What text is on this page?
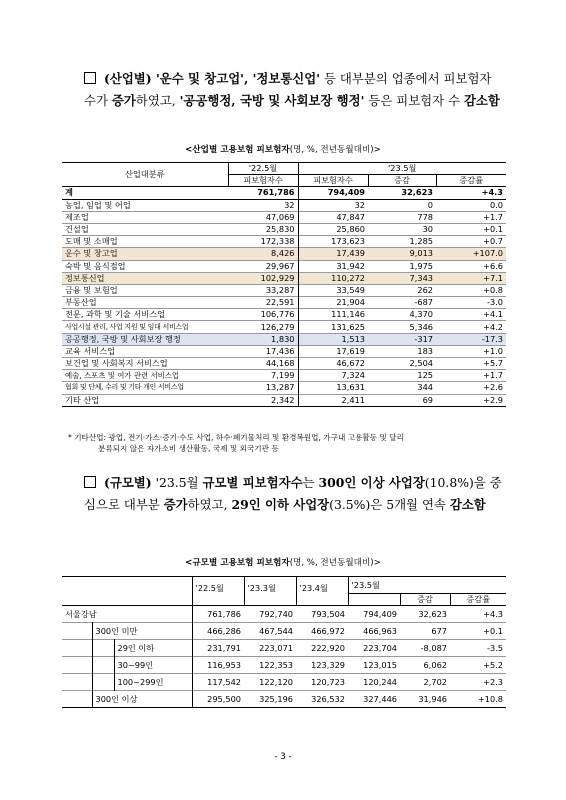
(산업별) '운수 및 창고업', '정보통신업' 등 대부분의 업종에서 피보험자 수가 증가하였고, '공공행정, 국방 및 사회보장 행정' 등은 피보험자 수 감소함
<산업별 고용보험 피보험자(명, %, 전년동월대비)>
산업대분류	'22.5월	'23.5월		
	피보험자수	피보험자수	증감	증감률
계	761,786	794,409	32,623	+4.3
농업, 임업 및 어업	32	32	0	0.0
제조업	47,069	47,847	778	+1.7
건설업	25,830	25,860	30	+0.1
도매 및 소매업	172,338	173,623	1,285	+0.7
운수 및 창고업	8,426	17,439	9,013	+107.0
숙박 및 음식점업	29,967	31,942	1,975	+6.6
정보통신업	102,929	110,272	7,343	+7.1
금융 및 보험업	33,287	33,549	262	+0.8
부동산업	22,591	21,904	-687	-3.0
전문, 과학 및 기술 서비스업	106,776	111,146	4,370	+4.1
사업시설 관리, 사업 지원 및 임대 서비스업	126,279	131,625	5,346	+4.2
공공행정, 국방 및 사회보장 행정	1,830	1,513	-317	-17.3
교육 서비스업	17,436	17,619	183	+1.0
보건업 및 사회복지 서비스업	44,168	46,672	2,504	+5.7
예술, 스포츠 및 여가 관련 서비스업	7,199	7,324	125	+1.7
협회 및 단체, 수리 및 기타 개인 서비스업	13,287	13,631	344	+2.6
기타 산업	2,342	2,411	69	+2.9
* 기타산업: 광업, 전기·가스·증기·수도 사업, 하수·폐기물처리 및 환경복원업, 가구내 고용활동 및 달리
분류되지 않은 자가소비 생산활동, 국제 및 외국기관 등
(규모별) '23.5월 규모별 피보험자수는 300인 이상 사업장(10.8%)을 중심으로 대부분 증가하였고, 29인 이하 사업장(3.5%)은 5개월 연속 감소함
<규모별 고용보험 피보험자(명, %, 전년동월대비)>
			'22.5월	'23.3월	'23.4월	'23.5월		
							증감	증감률
서울강남			761,786	792,740	793,504	794,409	32,623	+4.3
	300인 미만		466,286	467,544	466,972	466,963	677	+0.1
		29인 이하	231,791	223,071	222,920	223,704	-8,087	-3.5
		30~99인	116,953	122,353	123,329	123,015	6,062	+5.2
		100~299인	117,542	122,120	120,723	120,244	2,702	+2.3
	300인 이상		295,500	325,196	326,532	327,446	31,946	+10.8
- 3 -
